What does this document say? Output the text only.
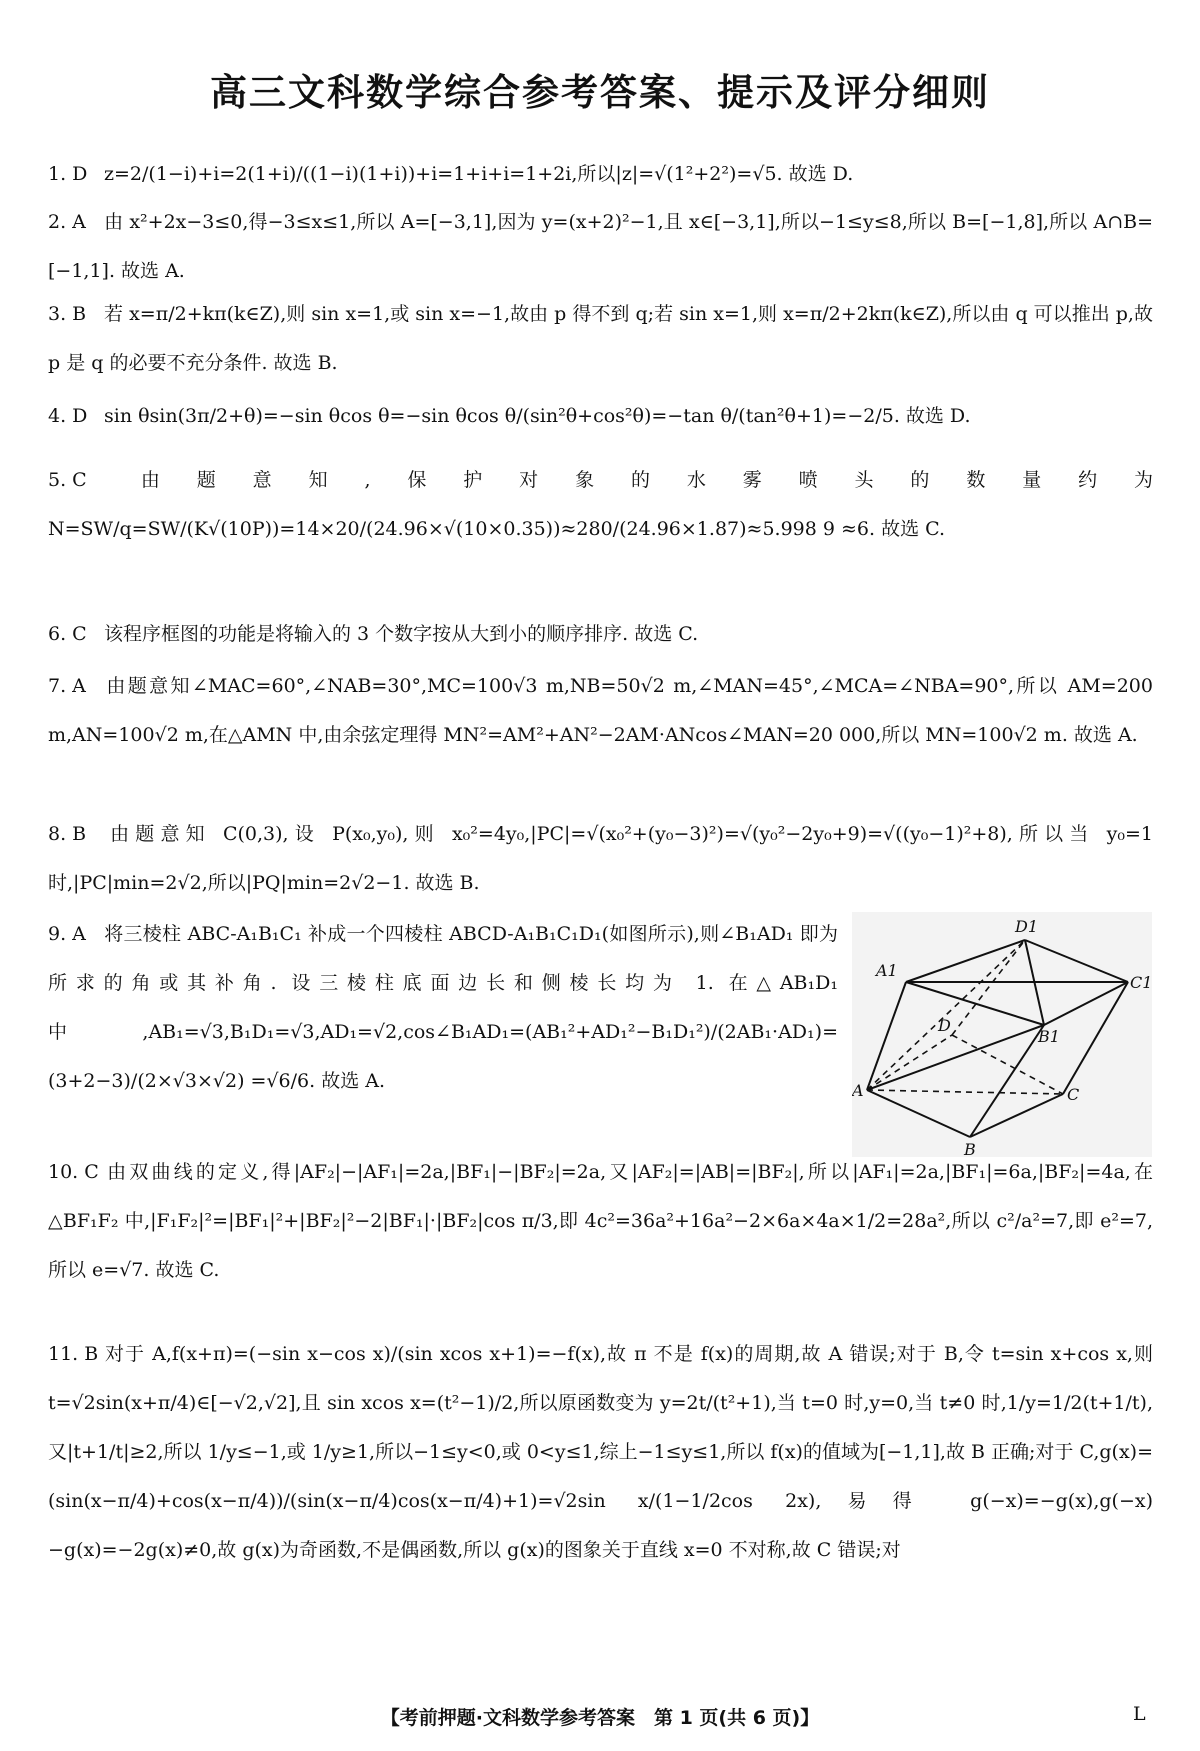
高三文科数学综合参考答案、提示及评分细则
1. D z=2/(1−i)+i=2(1+i)/((1−i)(1+i))+i=1+i+i=1+2i,所以|z|=√(1²+2²)=√5. 故选 D.
2. A 由 x²+2x−3≤0,得−3≤x≤1,所以 A=[−3,1],因为 y=(x+2)²−1,且 x∈[−3,1],所以−1≤y≤8,所以 B=[−1,8],所以 A∩B=[−1,1]. 故选 A.
3. B 若 x=π/2+kπ(k∈Z),则 sin x=1,或 sin x=−1,故由 p 得不到 q;若 sin x=1,则 x=π/2+2kπ(k∈Z),所以由 q 可以推出 p,故 p 是 q 的必要不充分条件. 故选 B.
4. D sin θsin(3π/2+θ)=−sin θcos θ=−sin θcos θ/(sin²θ+cos²θ)=−tan θ/(tan²θ+1)=−2/5. 故选 D.
5. C 由题意知,保护对象的水雾喷头的数量约为 N=SW/q=SW/(K√(10P))=14×20/(24.96×√(10×0.35))≈280/(24.96×1.87)≈5.998 9 ≈6. 故选 C.
6. C 该程序框图的功能是将输入的 3 个数字按从大到小的顺序排序. 故选 C.
7. A 由题意知∠MAC=60°,∠NAB=30°,MC=100√3 m,NB=50√2 m,∠MAN=45°,∠MCA=∠NBA=90°,所以 AM=200 m,AN=100√2 m,在△AMN 中,由余弦定理得 MN²=AM²+AN²−2AM·ANcos∠MAN=20 000,所以 MN=100√2 m. 故选 A.
8. B 由题意知 C(0,3),设 P(x₀,y₀),则 x₀²=4y₀,|PC|=√(x₀²+(y₀−3)²)=√(y₀²−2y₀+9)=√((y₀−1)²+8),所以当 y₀=1 时,|PC|min=2√2,所以|PQ|min=2√2−1. 故选 B.
9. A 将三棱柱 ABC-A₁B₁C₁ 补成一个四棱柱 ABCD-A₁B₁C₁D₁(如图所示),则∠B₁AD₁ 即为所求的角或其补角. 设三棱柱底面边长和侧棱长均为 1. 在△AB₁D₁ 中,AB₁=√3,B₁D₁=√3,AD₁=√2,cos∠B₁AD₁=(AB₁²+AD₁²−B₁D₁²)/(2AB₁·AD₁)=(3+2−3)/(2×√3×√2) =√6/6. 故选 A.
D1
A1
C1
D
B1
A	C
B
10. C 由双曲线的定义,得|AF₂|−|AF₁|=2a,|BF₁|−|BF₂|=2a,又|AF₂|=|AB|=|BF₂|,所以|AF₁|=2a,|BF₁|=6a,|BF₂|=4a,在△BF₁F₂ 中,|F₁F₂|²=|BF₁|²+|BF₂|²−2|BF₁|·|BF₂|cos π/3,即 4c²=36a²+16a²−2×6a×4a×1/2=28a²,所以 c²/a²=7,即 e²=7,所以 e=√7. 故选 C.
11. B 对于 A,f(x+π)=(−sin x−cos x)/(sin xcos x+1)=−f(x),故 π 不是 f(x)的周期,故 A 错误;对于 B,令 t=sin x+cos x,则t=√2sin(x+π/4)∈[−√2,√2],且 sin xcos x=(t²−1)/2,所以原函数变为 y=2t/(t²+1),当 t=0 时,y=0,当 t≠0 时,1/y=1/2(t+1/t),又|t+1/t|≥2,所以 1/y≤−1,或 1/y≥1,所以−1≤y<0,或 0<y≤1,综上−1≤y≤1,所以 f(x)的值域为[−1,1],故 B 正确;对于 C,g(x)=(sin(x−π/4)+cos(x−π/4))/(sin(x−π/4)cos(x−π/4)+1)=√2sin x/(1−1/2cos 2x),易得 g(−x)=−g(x),g(−x)−g(x)=−2g(x)≠0,故 g(x)为奇函数,不是偶函数,所以 g(x)的图象关于直线 x=0 不对称,故 C 错误;对
【考前押题·文科数学参考答案　第 1 页(共 6 页)】	L
